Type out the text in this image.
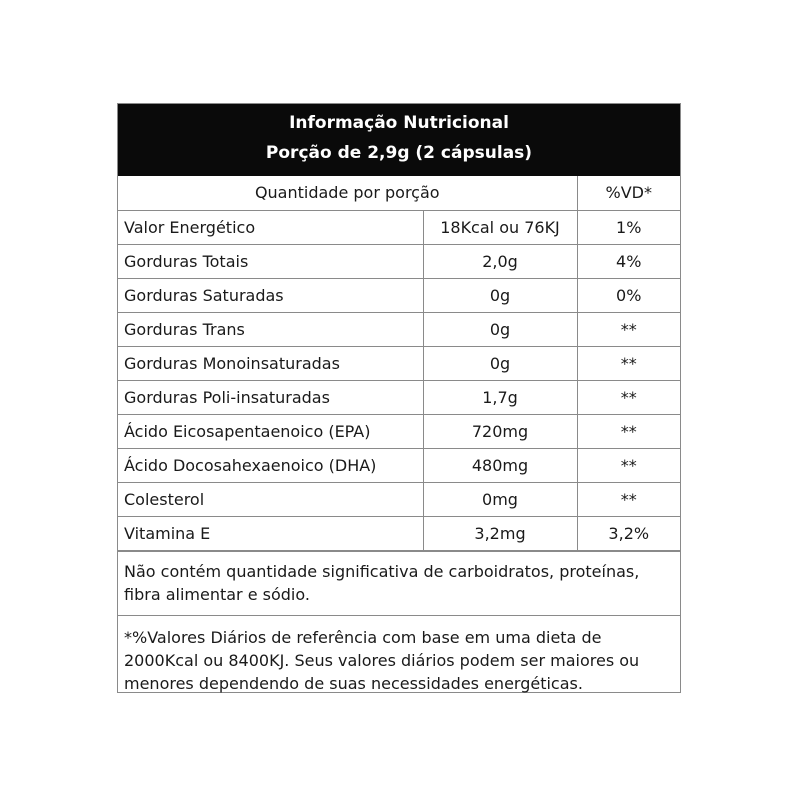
Informação Nutricional
Porção de 2,9g (2 cápsulas)
Quantidade por porção		%VD*
Valor Energético	18Kcal ou 76KJ	1%
Gorduras Totais	2,0g	4%
Gorduras Saturadas	0g	0%
Gorduras Trans	0g	**
Gorduras Monoinsaturadas	0g	**
Gorduras Poli-insaturadas	1,7g	**
Ácido Eicosapentaenoico (EPA)	720mg	**
Ácido Docosahexaenoico (DHA)	480mg	**
Colesterol	0mg	**
Vitamina E	3,2mg	3,2%
Não contém quantidade significativa de carboidratos, proteínas,
fibra alimentar e sódio.
*%Valores Diários de referência com base em uma dieta de
2000Kcal ou 8400KJ. Seus valores diários podem ser maiores ou
menores dependendo de suas necessidades energéticas.
